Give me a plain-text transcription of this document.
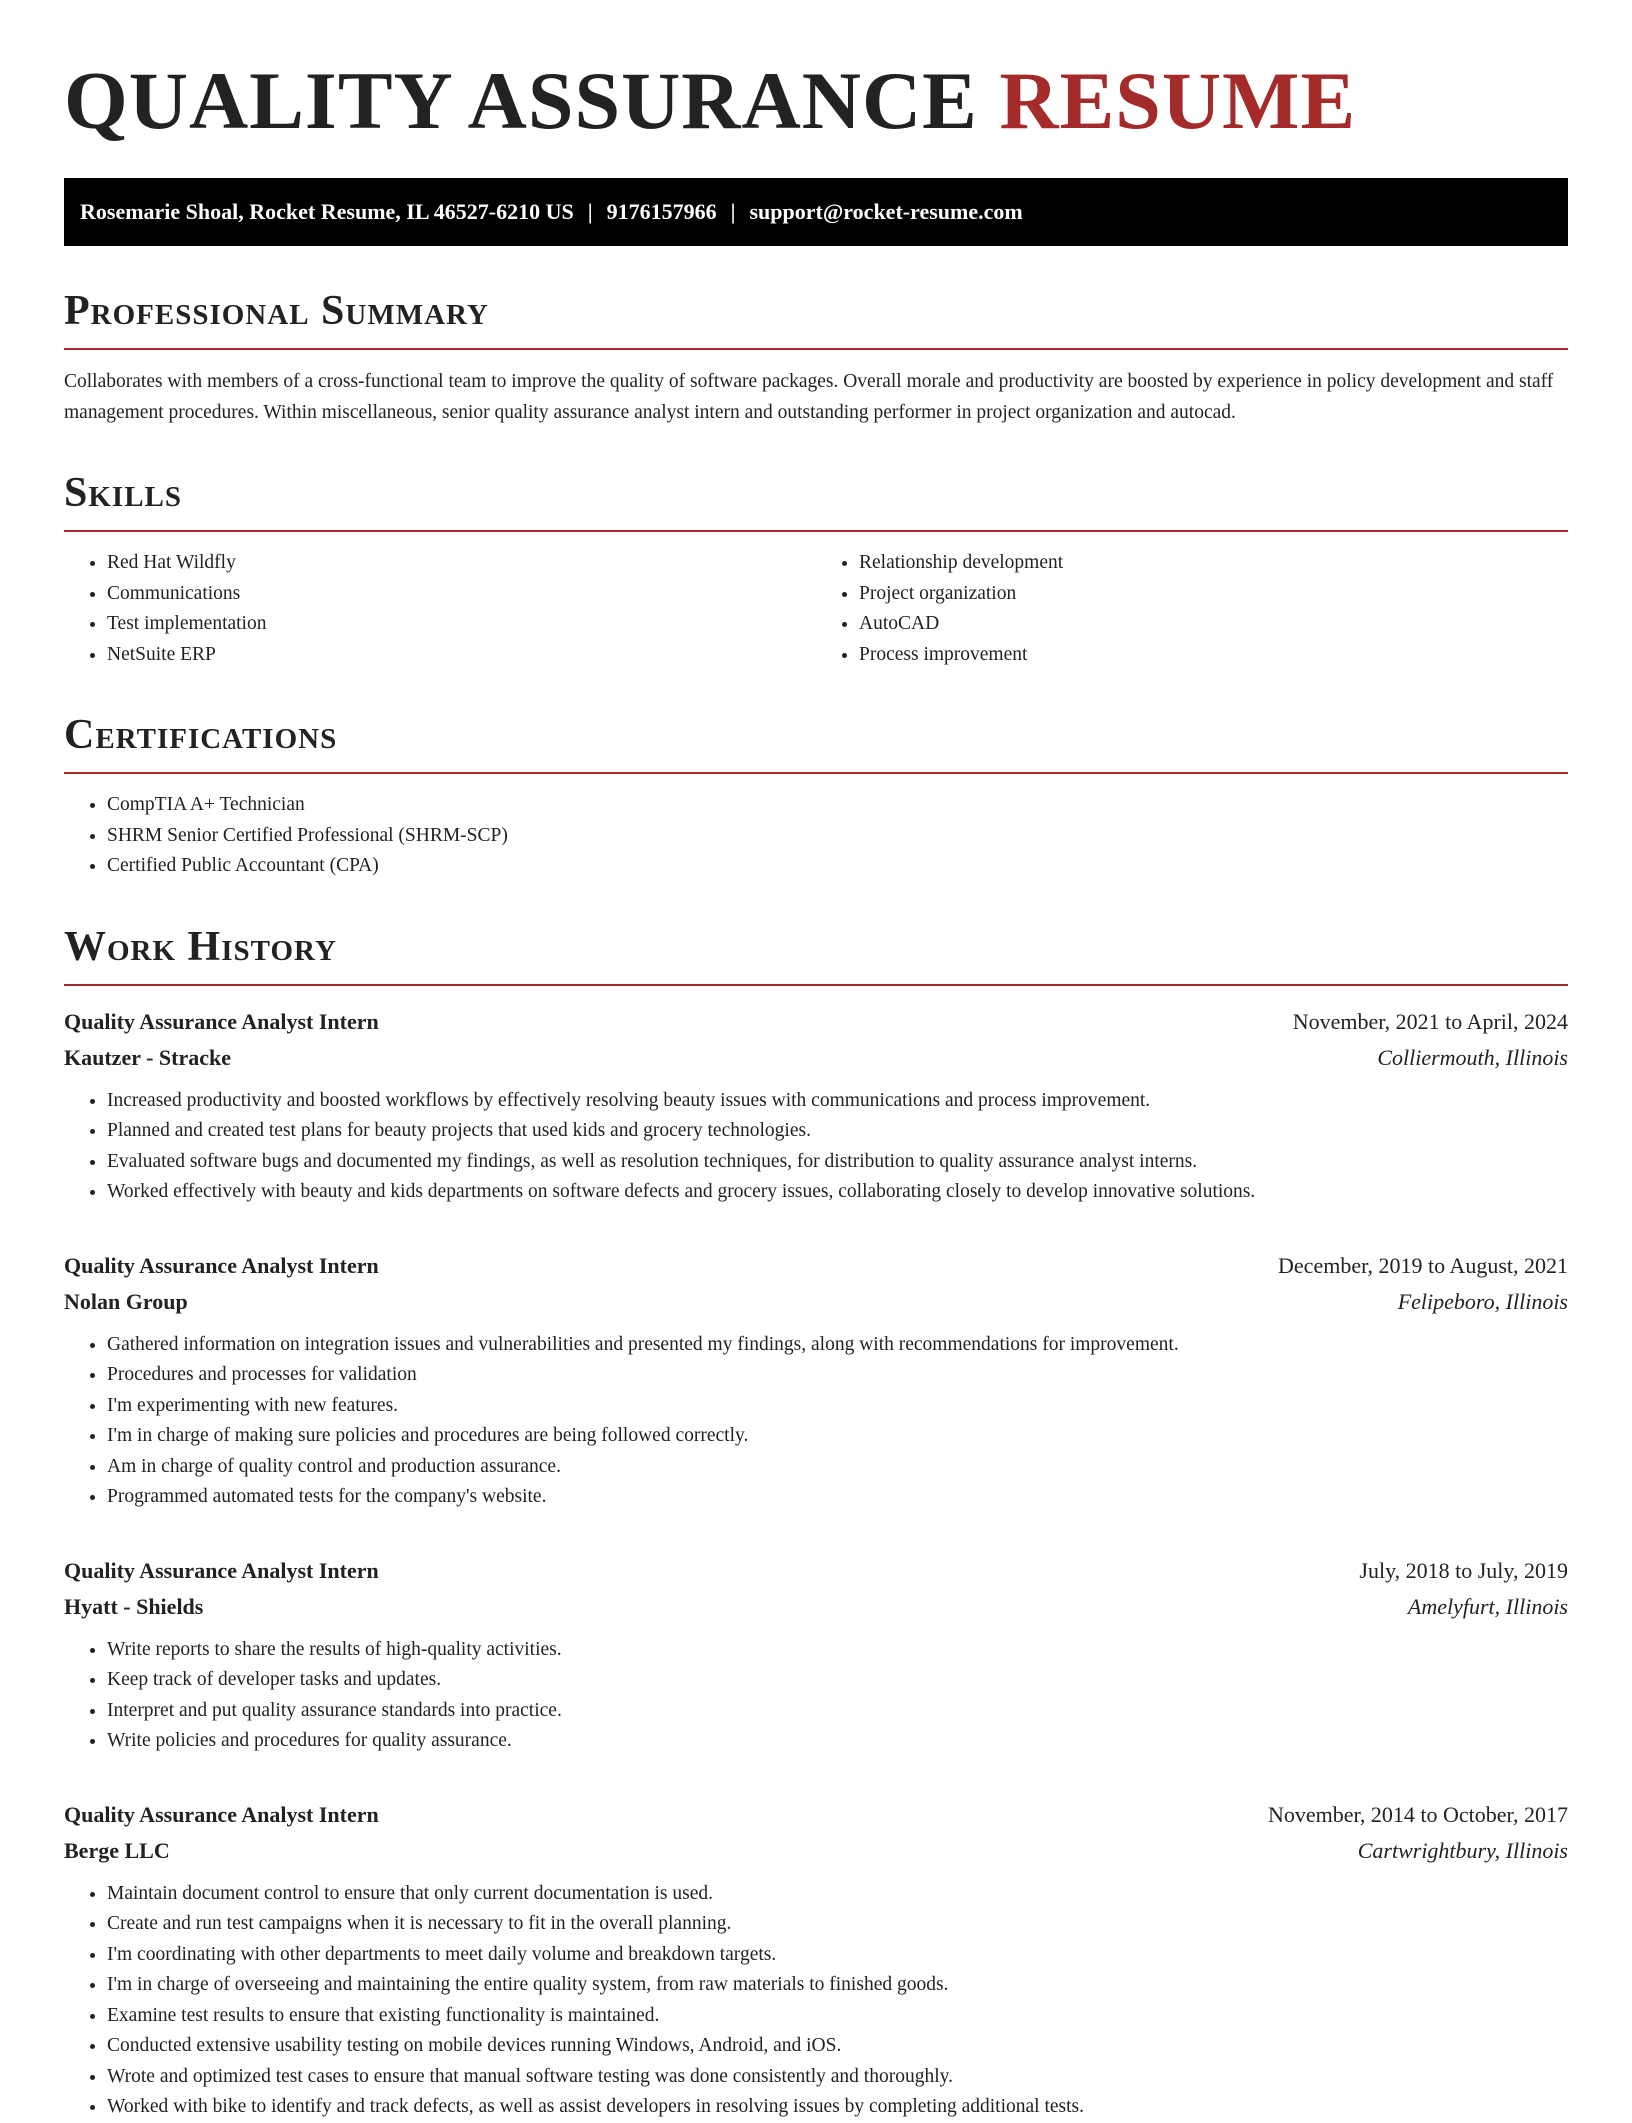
QUALITY ASSURANCE RESUME
Rosemarie Shoal, Rocket Resume, IL 46527-6210 US | 9176157966 | support@rocket-resume.com
Professional Summary

Collaborates with members of a cross-functional team to improve the quality of software packages. Overall morale and productivity are boosted by experience in policy development and staff management procedures. Within miscellaneous, senior quality assurance analyst intern and outstanding performer in project organization and autocad.

Skills
• Red Hat Wildfly
• Communications
• Test implementation
• NetSuite ERP
• Relationship development
• Project organization
• AutoCAD
• Process improvement
Certifications
• CompTIA A+ Technician
• SHRM Senior Certified Professional (SHRM-SCP)
• Certified Public Accountant (CPA)
Work History
Quality Assurance Analyst Intern	November, 2021 to April, 2024
Kautzer - Stracke	Colliermouth, Illinois
• Increased productivity and boosted workflows by effectively resolving beauty issues with communications and process improvement.
• Planned and created test plans for beauty projects that used kids and grocery technologies.
• Evaluated software bugs and documented my findings, as well as resolution techniques, for distribution to quality assurance analyst interns.
• Worked effectively with beauty and kids departments on software defects and grocery issues, collaborating closely to develop innovative solutions.
Quality Assurance Analyst Intern	December, 2019 to August, 2021
Nolan Group	Felipeboro, Illinois
• Gathered information on integration issues and vulnerabilities and presented my findings, along with recommendations for improvement.
• Procedures and processes for validation
• I'm experimenting with new features.
• I'm in charge of making sure policies and procedures are being followed correctly.
• Am in charge of quality control and production assurance.
• Programmed automated tests for the company's website.
Quality Assurance Analyst Intern	July, 2018 to July, 2019
Hyatt - Shields	Amelyfurt, Illinois
• Write reports to share the results of high-quality activities.
• Keep track of developer tasks and updates.
• Interpret and put quality assurance standards into practice.
• Write policies and procedures for quality assurance.
Quality Assurance Analyst Intern	November, 2014 to October, 2017
Berge LLC	Cartwrightbury, Illinois
• Maintain document control to ensure that only current documentation is used.
• Create and run test campaigns when it is necessary to fit in the overall planning.
• I'm coordinating with other departments to meet daily volume and breakdown targets.
• I'm in charge of overseeing and maintaining the entire quality system, from raw materials to finished goods.
• Examine test results to ensure that existing functionality is maintained.
• Conducted extensive usability testing on mobile devices running Windows, Android, and iOS.
• Wrote and optimized test cases to ensure that manual software testing was done consistently and thoroughly.
• Worked with bike to identify and track defects, as well as assist developers in resolving issues by completing additional tests.
